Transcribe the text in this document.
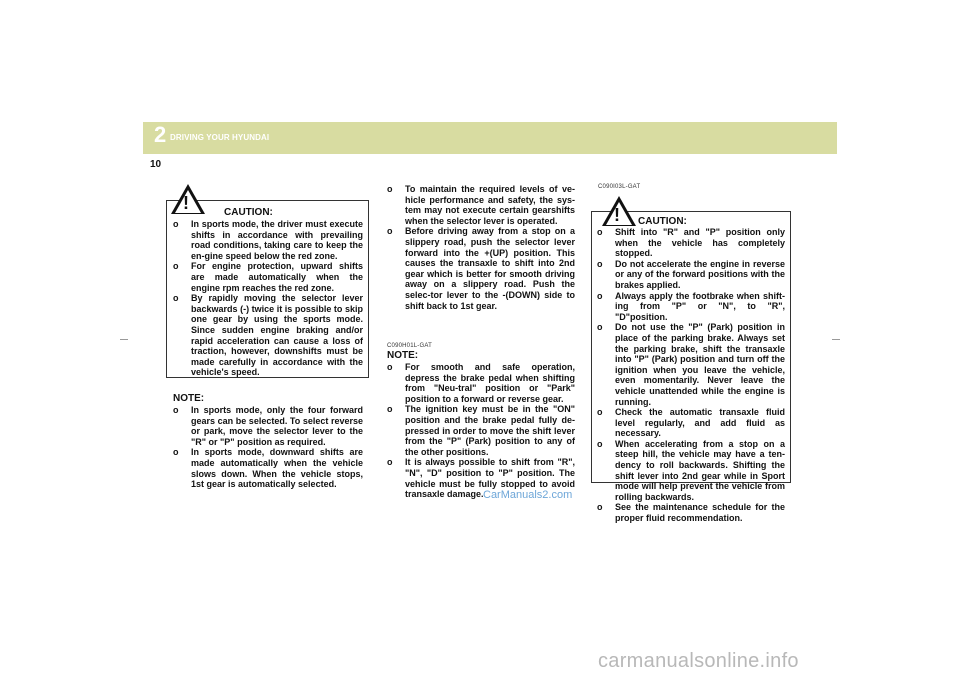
2 DRIVING YOUR HYUNDAI
10
!	CAUTION:
o In sports mode, the driver must execute shifts in accordance with prevailing road conditions, taking care to keep the en-gine speed below the red zone.
o For engine protection, upward shifts are made automatically when the engine rpm reaches the red zone.
o By rapidly moving the selector lever backwards (-) twice it is possible to skip one gear by using the sports mode. Since sudden engine braking and/or rapid acceleration can cause a loss of traction, however, downshifts must be made carefully in accordance with the vehicle's speed.
NOTE:
o In sports mode, only the four forward gears can be selected. To select reverse or park, move the selector lever to the "R" or "P" position as required.
o In sports mode, downward shifts are made automatically when the vehicle slows down. When the vehicle stops, 1st gear is automatically selected.
o To maintain the required levels of ve-hicle performance and safety, the sys-tem may not execute certain gearshifts when the selector lever is operated.
o Before driving away from a stop on a slippery road, push the selector lever forward into the +(UP) position. This causes the transaxle to shift into 2nd gear which is better for smooth driving away on a slippery road. Push the selec-tor lever to the -(DOWN) side to shift back to 1st gear.
C090H01L-GAT
NOTE:
o For smooth and safe operation, depress the brake pedal when shifting from "Neu-tral" position or "Park" position to a forward or reverse gear.
o The ignition key must be in the "ON" position and the brake pedal fully de-pressed in order to move the shift lever from the "P" (Park) position to any of the other positions.
o It is always possible to shift from "R", "N", "D" position to "P" position. The vehicle must be fully stopped to avoid transaxle damage. CarManuals2.com
C090I03L-GAT
! CAUTION:
o Shift into "R" and "P" position only when the vehicle has completely stopped.
o Do not accelerate the engine in reverse or any of the forward positions with the brakes applied.
o Always apply the footbrake when shift-ing from "P" or "N", to "R", "D"position.
o Do not use the "P" (Park) position in place of the parking brake. Always set the parking brake, shift the transaxle into "P" (Park) position and turn off the ignition when you leave the vehicle, even momentarily. Never leave the vehicle unattended while the engine is running.
o Check the automatic transaxle fluid level regularly, and add fluid as necessary.
o When accelerating from a stop on a steep hill, the vehicle may have a ten-dency to roll backwards. Shifting the shift lever into 2nd gear while in Sport mode will help prevent the vehicle from rolling backwards.
o See the maintenance schedule for the proper fluid recommendation.
carmanualsonline.info
